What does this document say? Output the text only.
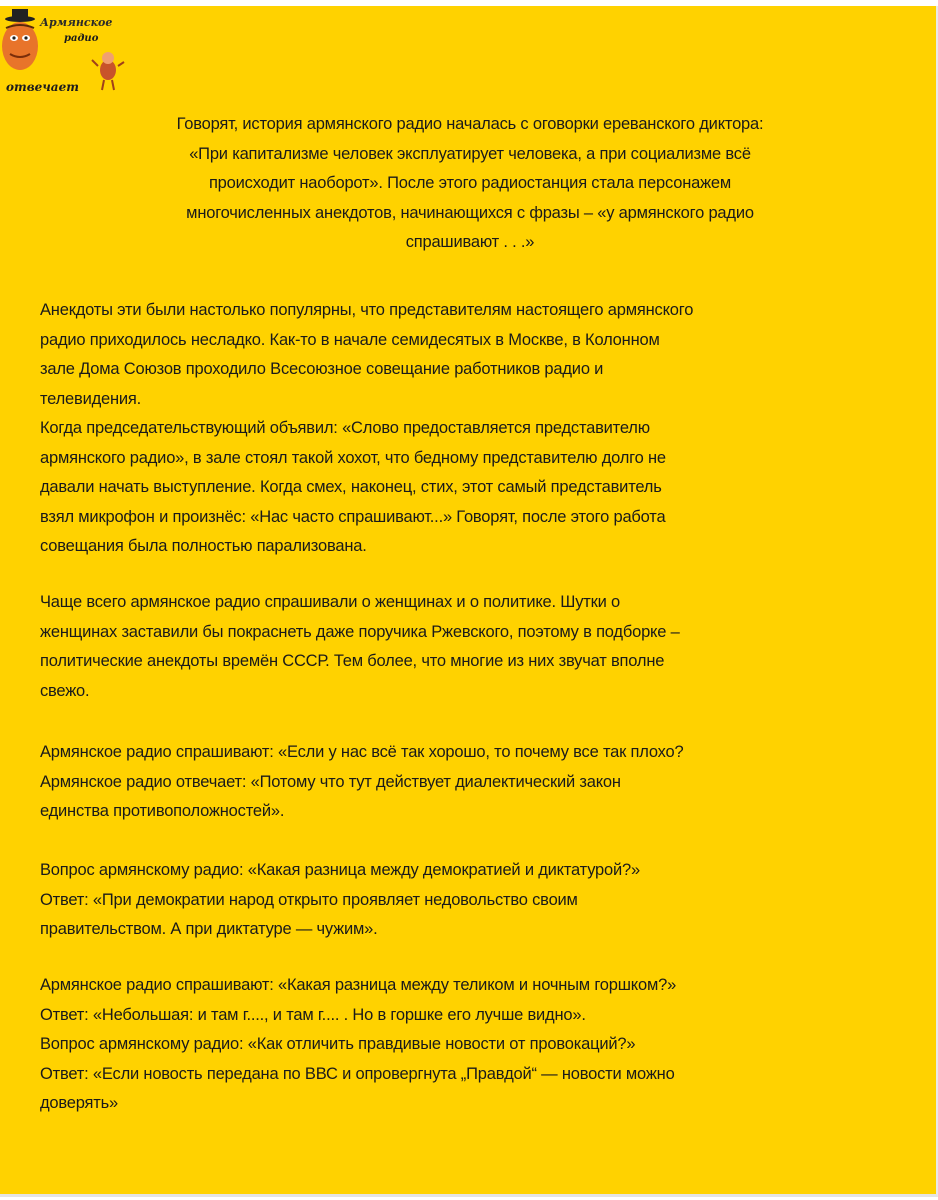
Армянское
радио
отвечает
Говорят, история армянского радио началась с оговорки ереванского диктора:
«При капитализме человек эксплуатирует человека, а при социализме всё
происходит наоборот». После этого радиостанция стала персонажем
многочисленных анекдотов, начинающихся с фразы – «у армянского радио
спрашивают . . .»
Анекдоты эти были настолько популярны, что представителям настоящего армянского
радио приходилось несладко. Как-то в начале семидесятых в Москве, в Колонном
зале Дома Союзов проходило Всесоюзное совещание работников радио и
телевидения.
Когда председательствующий объявил: «Слово предоставляется представителю
армянского радио», в зале стоял такой хохот, что бедному представителю долго не
давали начать выступление. Когда смех, наконец, стих, этот самый представитель
взял микрофон и произнёс: «Нас часто спрашивают...» Говорят, после этого работа
совещания была полностью парализована.
Чаще всего армянское радио спрашивали о женщинах и о политике. Шутки о
женщинах заставили бы покраснеть даже поручика Ржевского, поэтому в подборке –
политические анекдоты времён СССР. Тем более, что многие из них звучат вполне
свежо.
Армянское радио спрашивают: «Если у нас всё так хорошо, то почему все так плохо?
Армянское радио отвечает: «Потому что тут действует диалектический закон
единства противоположностей».
Вопрос армянскому радио: «Какая разница между демократией и диктатурой?»
Ответ: «При демократии народ открыто проявляет недовольство своим
правительством. А при диктатуре — чужим».
Армянское радио спрашивают: «Какая разница между теликом и ночным горшком?»
Ответ: «Небольшая: и там г...., и там г.... . Но в горшке его лучше видно».
Вопрос армянскому радио: «Как отличить правдивые новости от провокаций?»
Ответ: «Если новость передана по ВВС и опровергнута „Правдой“ — новости можно
доверять»
